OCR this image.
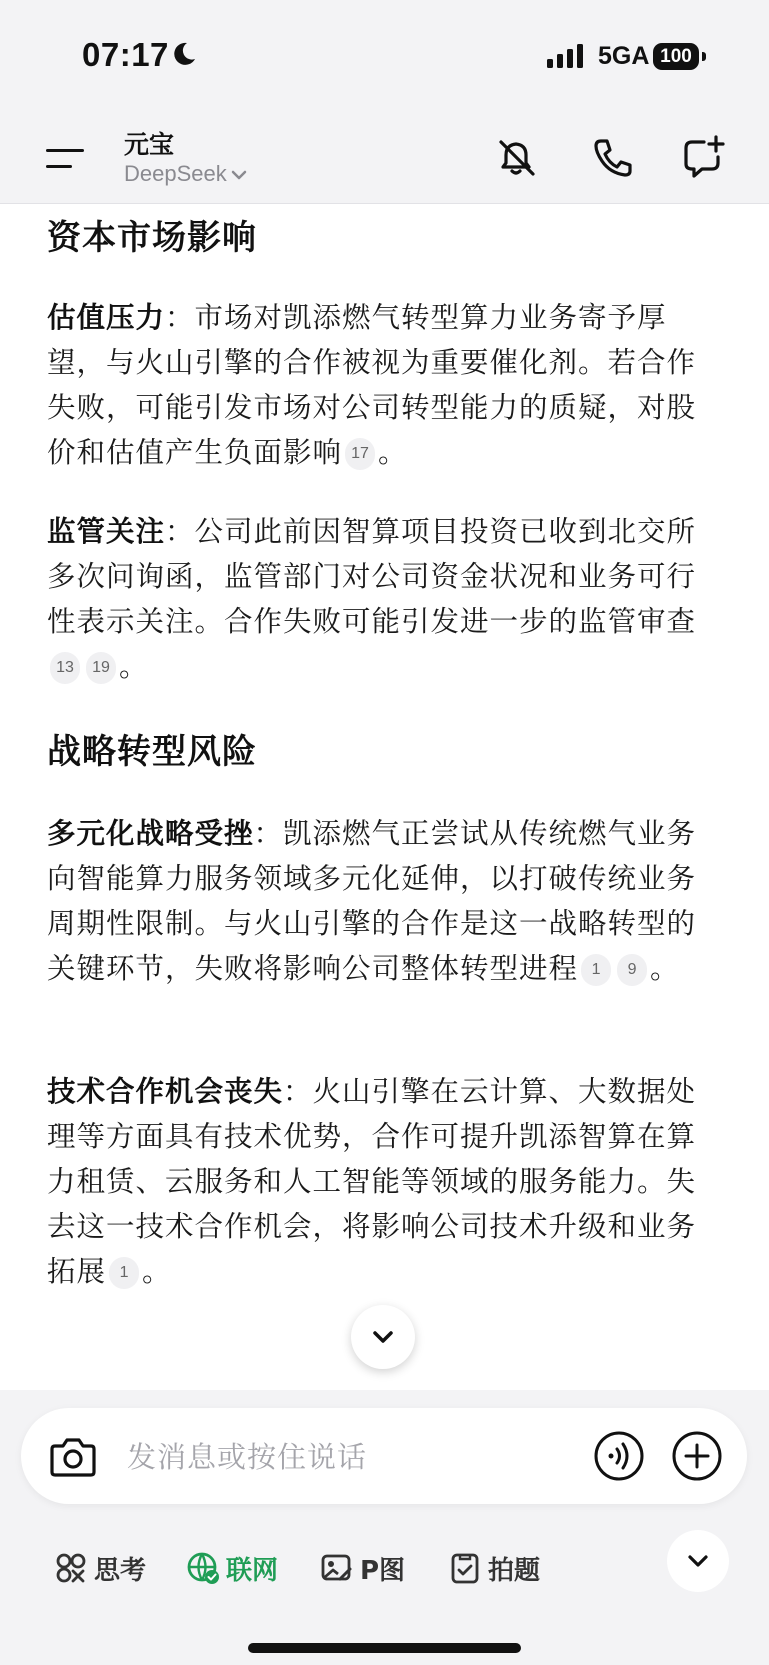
07:17	5GA 100
元宝
DeepSeek
资本市场影响
估值压力：市场对凯添燃气转型算力业务寄予厚望，与火山引擎的合作被视为重要催化剂。若合作失败，可能引发市场对公司转型能力的质疑，对股价和估值产生负面影响 17 。
监管关注：公司此前因智算项目投资已收到北交所多次问询函，监管部门对公司资金状况和业务可行性表示关注。合作失败可能引发进一步的监管审查13 19 。
战略转型风险
多元化战略受挫：凯添燃气正尝试从传统燃气业务向智能算力服务领域多元化延伸，以打破传统业务周期性限制。与火山引擎的合作是这一战略转型的关键环节，失败将影响公司整体转型进程 1 9 。
技术合作机会丧失：火山引擎在云计算、大数据处理等方面具有技术优势，合作可提升凯添智算在算力租赁、云服务和人工智能等领域的服务能力。失去这一技术合作机会，将影响公司技术升级和业务拓展 1 。
发消息或按住说话
思考	联网	P图	拍题
